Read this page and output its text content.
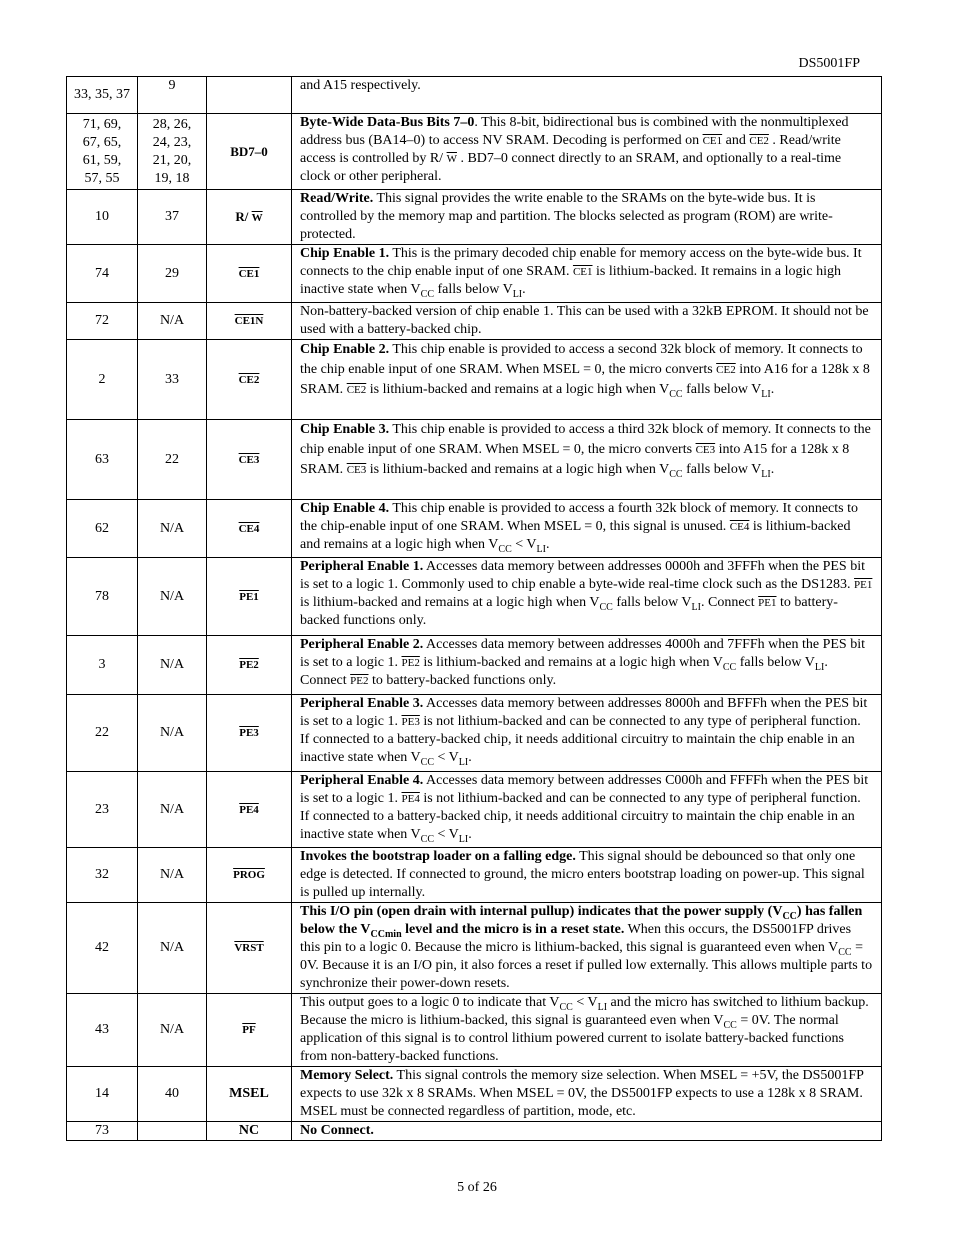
DS5001FP
33, 35, 37	9		and A15 respectively.
71, 69, 67, 65, 61, 59, 57, 55	28, 26, 24, 23, 21, 20, 19, 18	BD7–0	Byte-Wide Data-Bus Bits 7–0. This 8-bit, bidirectional bus is combined with the nonmultiplexed address bus (BA14–0) to access NV SRAM. Decoding is performed on CE1 and CE2 . Read/write access is controlled by R/ $\overline{W}$ . BD7–0 connect directly to an SRAM, and optionally to a real-time clock or other peripheral.
10	37	R/ $\overline{W}$	Read/Write. This signal provides the write enable to the SRAMs on the byte-wide bus. It is controlled by the memory map and partition. The blocks selected as program (ROM) are write-protected.
74	29	CE1	Chip Enable 1. This is the primary decoded chip enable for memory access on the byte-wide bus. It connects to the chip enable input of one SRAM. CE1 is lithium-backed. It remains in a logic high inactive state when $V_{CC}$ falls below $V_{LI}$.
72	N/A	CE1N	Non-battery-backed version of chip enable 1. This can be used with a 32kB EPROM. It should not be used with a battery-backed chip.
2	33	CE2	Chip Enable 2. This chip enable is provided to access a second 32k block of memory. It connects to the chip enable input of one SRAM. When MSEL = 0, the micro converts CE2 into A16 for a 128k x 8 SRAM. CE2 is lithium-backed and remains at a logic high when $V_{CC}$ falls below $V_{LI}$.
63	22	CE3	Chip Enable 3. This chip enable is provided to access a third 32k block of memory. It connects to the chip enable input of one SRAM. When MSEL = 0, the micro converts CE3 into A15 for a 128k x 8 SRAM. CE3 is lithium-backed and remains at a logic high when $V_{CC}$ falls below $V_{LI}$.
62	N/A	CE4	Chip Enable 4. This chip enable is provided to access a fourth 32k block of memory. It connects to the chip-enable input of one SRAM. When MSEL = 0, this signal is unused. CE4 is lithium-backed and remains at a logic high when $V_{CC} < V_{LI}$.
78	N/A	PE1	Peripheral Enable 1. Accesses data memory between addresses 0000h and 3FFFh when the PES bit is set to a logic 1. Commonly used to chip enable a byte-wide real-time clock such as the DS1283. PE1 is lithium-backed and remains at a logic high when $V_{CC}$ falls below $V_{LI}$. Connect PE1 to battery-backed functions only.
3	N/A	PE2	Peripheral Enable 2. Accesses data memory between addresses 4000h and 7FFFh when the PES bit is set to a logic 1. PE2 is lithium-backed and remains at a logic high when $V_{CC}$ falls below $V_{LI}$. Connect PE2 to battery-backed functions only.
22	N/A	PE3	Peripheral Enable 3. Accesses data memory between addresses 8000h and BFFFh when the PES bit is set to a logic 1. PE3 is not lithium-backed and can be connected to any type of peripheral function. If connected to a battery-backed chip, it needs additional circuitry to maintain the chip enable in an inactive state when $V_{CC} < V_{LI}$.
23	N/A	PE4	Peripheral Enable 4. Accesses data memory between addresses C000h and FFFFh when the PES bit is set to a logic 1. PE4 is not lithium-backed and can be connected to any type of peripheral function. If connected to a battery-backed chip, it needs additional circuitry to maintain the chip enable in an inactive state when $V_{CC} < V_{LI}$.
32	N/A	PROG	Invokes the bootstrap loader on a falling edge. This signal should be debounced so that only one edge is detected. If connected to ground, the micro enters bootstrap loading on power-up. This signal is pulled up internally.
42	N/A	VRST	This I/O pin (open drain with internal pullup) indicates that the power supply $(V_{CC})$ has fallen below the $V_{CCmin}$ level and the micro is in a reset state. When this occurs, the DS5001FP drives this pin to a logic 0. Because the micro is lithium-backed, this signal is guaranteed even when $V_{CC} = 0V$. Because it is an I/O pin, it also forces a reset if pulled low externally. This allows multiple parts to synchronize their power-down resets.
43	N/A	$\overline{PF}$	This output goes to a logic 0 to indicate that $V_{CC} < V_{LI}$ and the micro has switched to lithium backup. Because the micro is lithium-backed, this signal is guaranteed even when $V_{CC} = 0V$. The normal application of this signal is to control lithium powered current to isolate battery-backed functions from non-battery-backed functions.
14	40	MSEL	Memory Select. This signal controls the memory size selection. When MSEL = +5V, the DS5001FP expects to use 32k x 8 SRAMs. When MSEL = 0V, the DS5001FP expects to use a 128k x 8 SRAM. MSEL must be connected regardless of partition, mode, etc.
73		NC	No Connect.
5 of 26
